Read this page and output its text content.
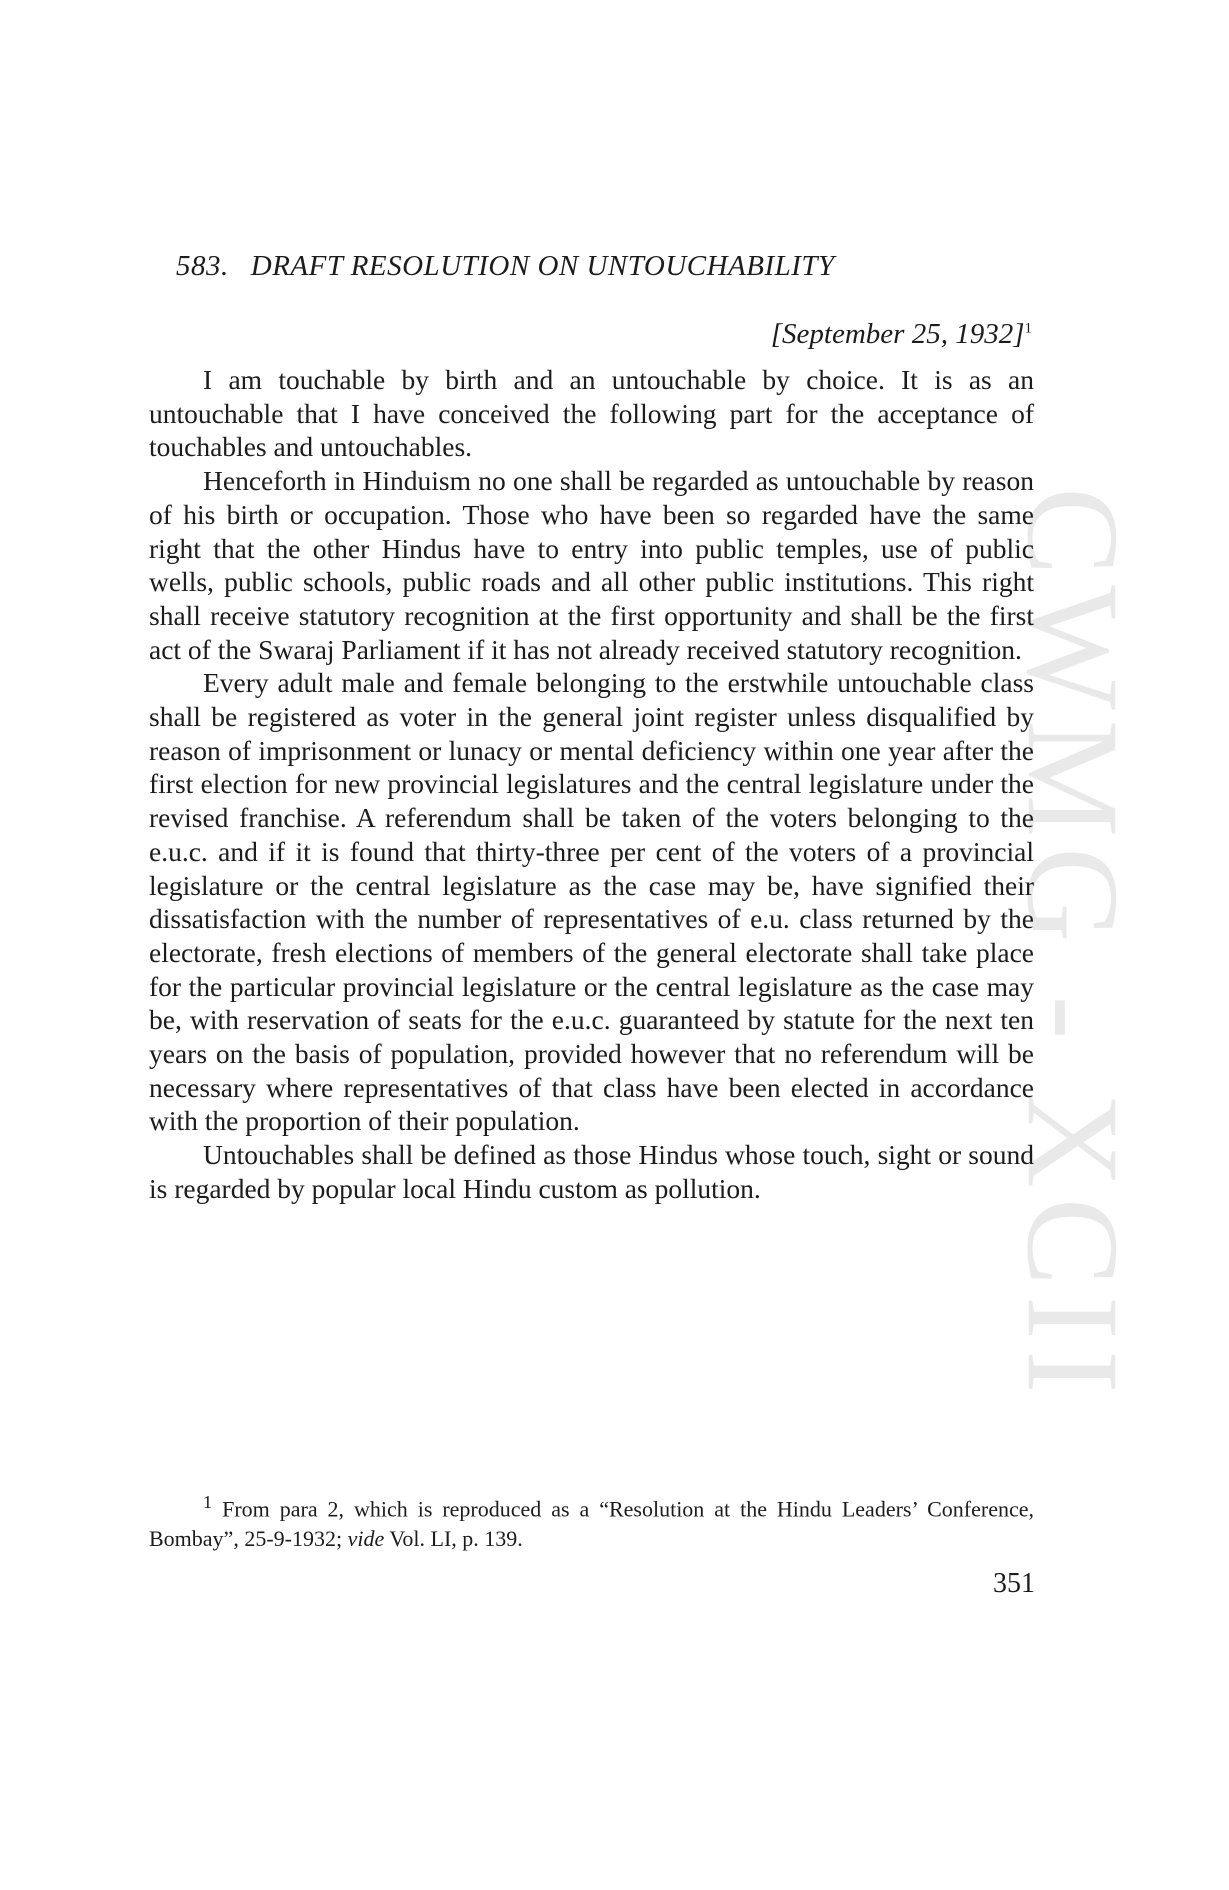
CWMG - XCII
583. DRAFT RESOLUTION ON UNTOUCHABILITY
[September 25, 1932]$^1$

I am touchable by birth and an untouchable by choice. It is as an untouchable that I have conceived the following part for the acceptance of touchables and untouchables.

Henceforth in Hinduism no one shall be regarded as untouchable by reason of his birth or occupation. Those who have been so regarded have the same right that the other Hindus have to entry into public temples, use of public wells, public schools, public roads and all other public institutions. This right shall receive statutory recognition at the first opportunity and shall be the first act of the Swaraj Parliament if it has not already received statutory recognition.

Every adult male and female belonging to the erstwhile untouchable class shall be registered as voter in the general joint register unless disqualified by reason of imprisonment or lunacy or mental deficiency within one year after the first election for new provincial legislatures and the central legislature under the revised franchise. A referendum shall be taken of the voters belonging to the e.u.c. and if it is found that thirty-three per cent of the voters of a provincial legislature or the central legislature as the case may be, have signified their dissatisfaction with the number of representatives of e.u. class returned by the electorate, fresh elections of members of the general electorate shall take place for the particular provincial legislature or the central legislature as the case may be, with reservation of seats for the e.u.c. guaranteed by statute for the next ten years on the basis of population, provided however that no referendum will be necessary where representatives of that class have been elected in accordance with the proportion of their population.

Untouchables shall be defined as those Hindus whose touch, sight or sound is regarded by popular local Hindu custom as pollution.

$^1$ From para 2, which is reproduced as a “Resolution at the Hindu Leaders’ Conference, Bombay”, 25-9-1932; vide Vol. LI, p. 139.
351
